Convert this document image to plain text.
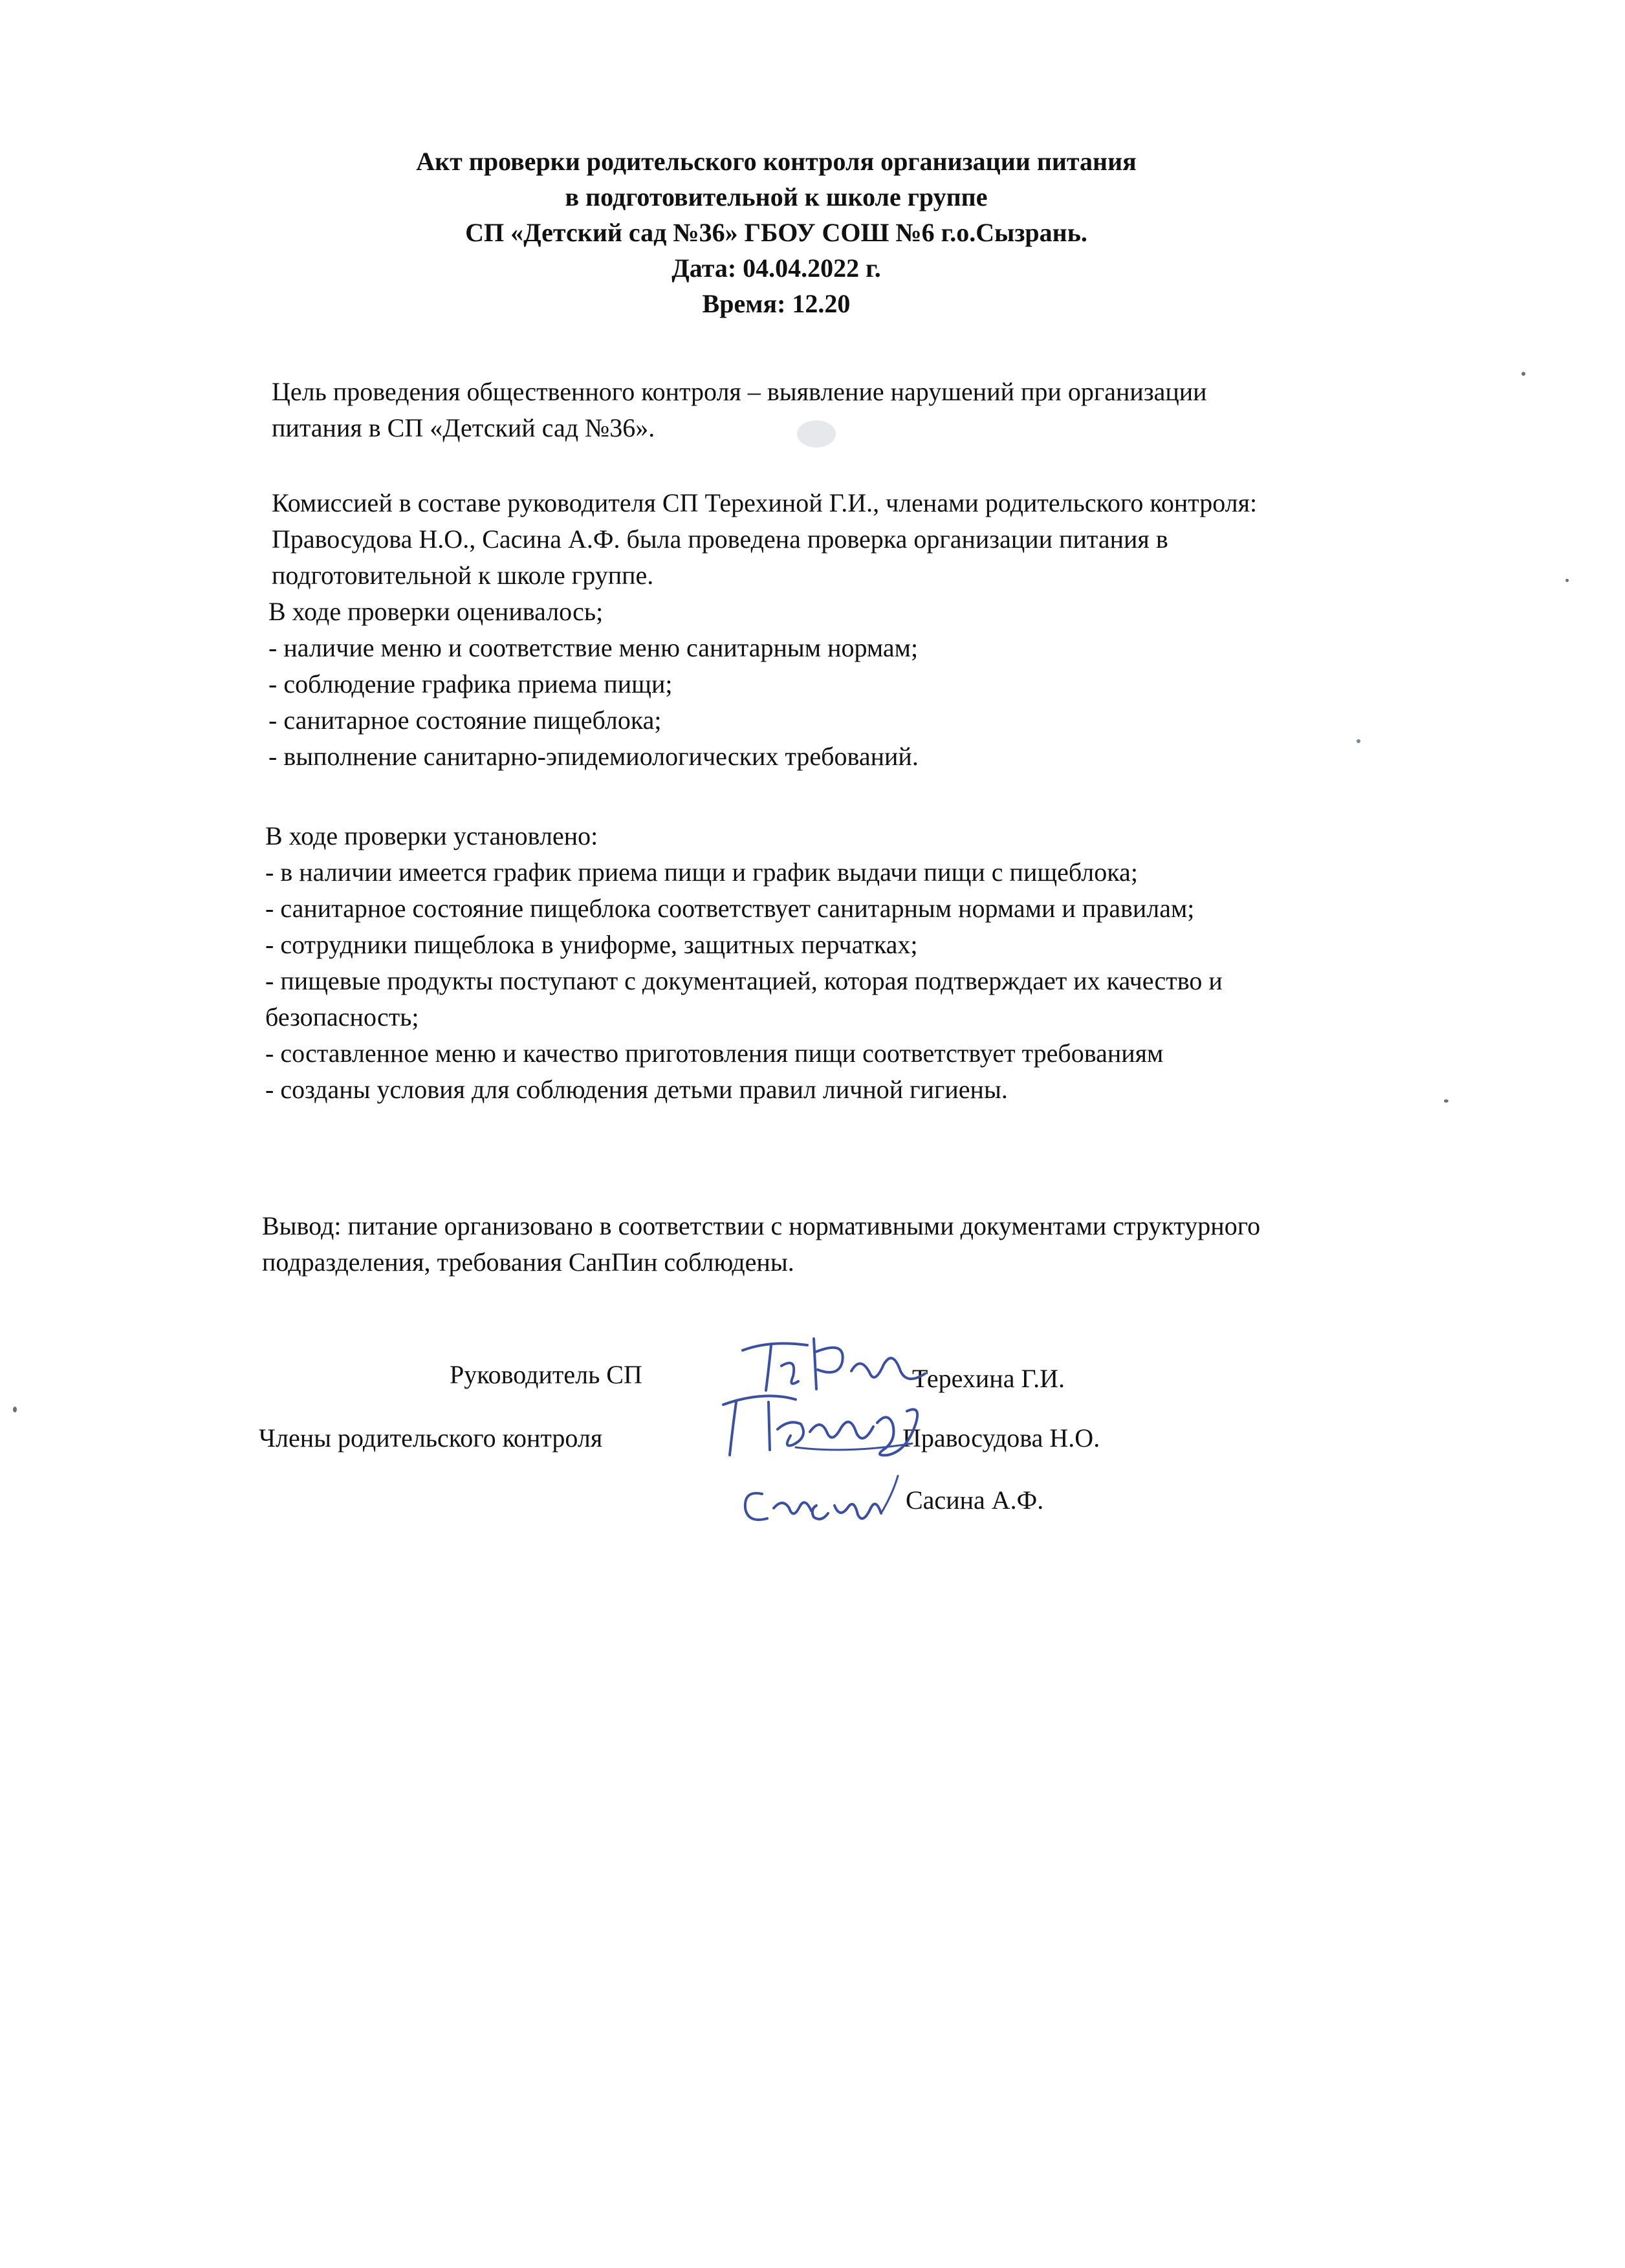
Акт проверки родительского контроля организации питания
в подготовительной к школе группе
СП «Детский сад №36» ГБОУ СОШ №6 г.о.Сызрань.
Дата: 04.04.2022 г.
Время: 12.20
Цель проведения общественного контроля – выявление нарушений при организации
питания в СП «Детский сад №36».
Комиссией в составе руководителя СП Терехиной Г.И., членами родительского контроля:
Правосудова Н.О., Сасина А.Ф. была проведена проверка организации питания в
подготовительной к школе группе.
В ходе проверки оценивалось;
- наличие меню и соответствие меню санитарным нормам;
- соблюдение графика приема пищи;
- санитарное состояние пищеблока;
- выполнение санитарно-эпидемиологических требований.
В ходе проверки установлено:
- в наличии имеется график приема пищи и график выдачи пищи с пищеблока;
- санитарное состояние пищеблока соответствует санитарным нормами и правилам;
- сотрудники пищеблока в униформе, защитных перчатках;
- пищевые продукты поступают с документацией, которая подтверждает их качество и
безопасность;
- составленное меню и качество приготовления пищи соответствует требованиям
- созданы условия для соблюдения детьми правил личной гигиены.
Вывод: питание организовано в соответствии с нормативными документами структурного
подразделения, требования СанПин соблюдены.
Руководитель СП	Терехина Г.И.
Члены родительского контроля	Правосудова Н.О.
Сасина А.Ф.
Тер
Правосуд
Сасин
